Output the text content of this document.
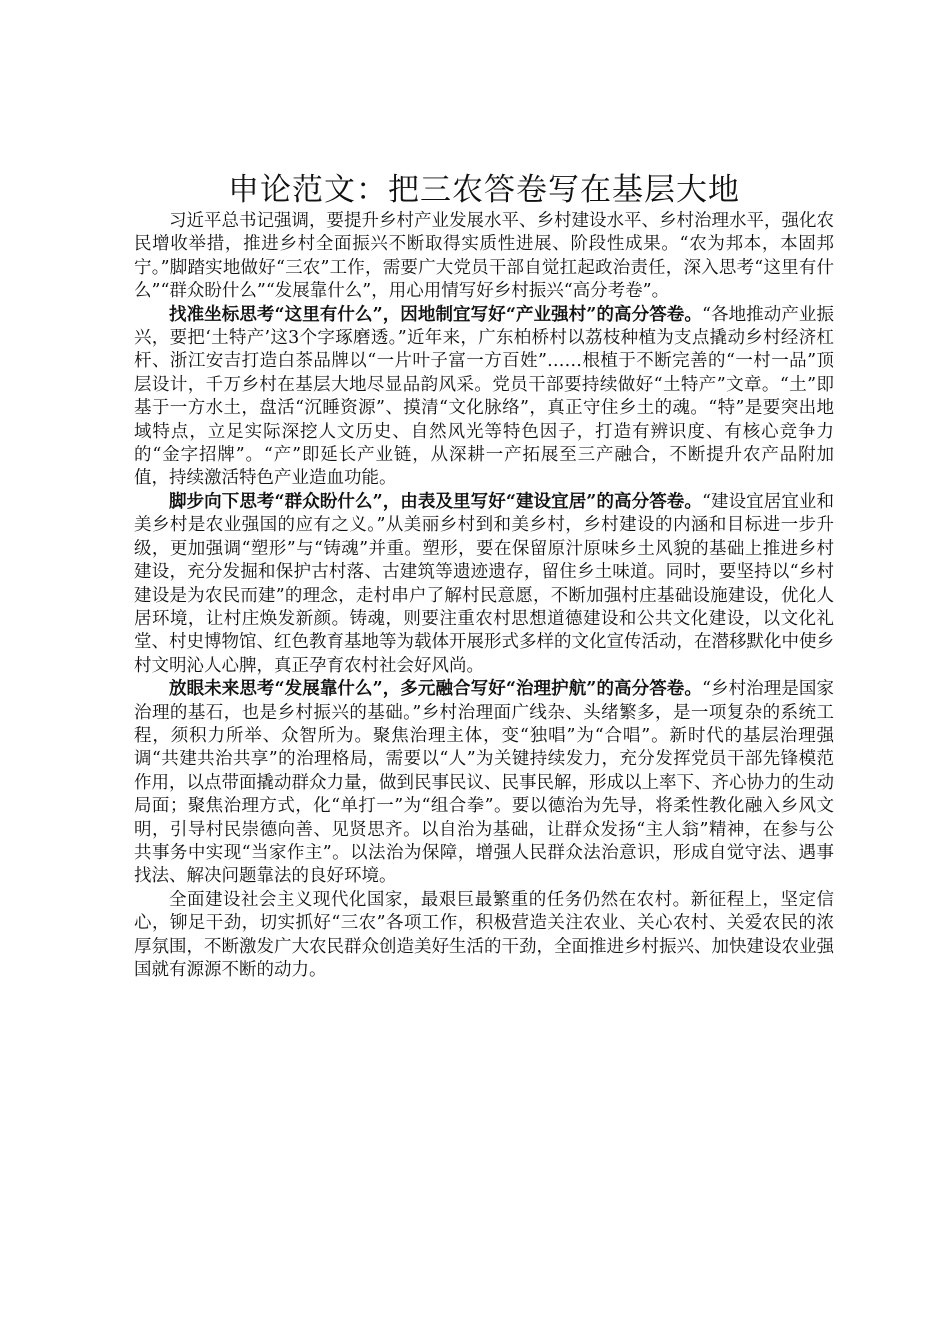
申论范文：把三农答卷写在基层大地

习近平总书记强调，要提升乡村产业发展水平、乡村建设水平、乡村治理水平，强化农民增收举措，推进乡村全面振兴不断取得实质性进展、阶段性成果。“农为邦本，本固邦宁。”脚踏实地做好“三农”工作，需要广大党员干部自觉扛起政治责任，深入思考“这里有什么”“群众盼什么”“发展靠什么”，用心用情写好乡村振兴“高分考卷”。

找准坐标思考“这里有什么”，因地制宜写好“产业强村”的高分答卷。“各地推动产业振兴，要把‘土特产’这3个字琢磨透。”近年来，广东柏桥村以荔枝种植为支点撬动乡村经济杠杆、浙江安吉打造白茶品牌以“一片叶子富一方百姓”……根植于不断完善的“一村一品”顶层设计，千万乡村在基层大地尽显品韵风采。党员干部要持续做好“土特产”文章。“土”即基于一方水土，盘活“沉睡资源”、摸清“文化脉络”，真正守住乡土的魂。“特”是要突出地域特点，立足实际深挖人文历史、自然风光等特色因子，打造有辨识度、有核心竞争力的“金字招牌”。“产”即延长产业链，从深耕一产拓展至三产融合，不断提升农产品附加值，持续激活特色产业造血功能。

脚步向下思考“群众盼什么”，由表及里写好“建设宜居”的高分答卷。“建设宜居宜业和美乡村是农业强国的应有之义。”从美丽乡村到和美乡村，乡村建设的内涵和目标进一步升级，更加强调“塑形”与“铸魂”并重。塑形，要在保留原汁原味乡土风貌的基础上推进乡村建设，充分发掘和保护古村落、古建筑等遗迹遗存，留住乡土味道。同时，要坚持以“乡村建设是为农民而建”的理念，走村串户了解村民意愿，不断加强村庄基础设施建设，优化人居环境，让村庄焕发新颜。铸魂，则要注重农村思想道德建设和公共文化建设，以文化礼堂、村史博物馆、红色教育基地等为载体开展形式多样的文化宣传活动，在潜移默化中使乡村文明沁人心脾，真正孕育农村社会好风尚。

放眼未来思考“发展靠什么”，多元融合写好“治理护航”的高分答卷。“乡村治理是国家治理的基石，也是乡村振兴的基础。”乡村治理面广线杂、头绪繁多，是一项复杂的系统工程，须积力所举、众智所为。聚焦治理主体，变“独唱”为“合唱”。新时代的基层治理强调“共建共治共享”的治理格局，需要以“人”为关键持续发力，充分发挥党员干部先锋模范作用，以点带面撬动群众力量，做到民事民议、民事民解，形成以上率下、齐心协力的生动局面；聚焦治理方式，化“单打一”为“组合拳”。要以德治为先导，将柔性教化融入乡风文明，引导村民崇德向善、见贤思齐。以自治为基础，让群众发扬“主人翁”精神，在参与公共事务中实现“当家作主”。以法治为保障，增强人民群众法治意识，形成自觉守法、遇事找法、解决问题靠法的良好环境。

全面建设社会主义现代化国家，最艰巨最繁重的任务仍然在农村。新征程上，坚定信心，铆足干劲，切实抓好“三农”各项工作，积极营造关注农业、关心农村、关爱农民的浓厚氛围，不断激发广大农民群众创造美好生活的干劲，全面推进乡村振兴、加快建设农业强国就有源源不断的动力。
